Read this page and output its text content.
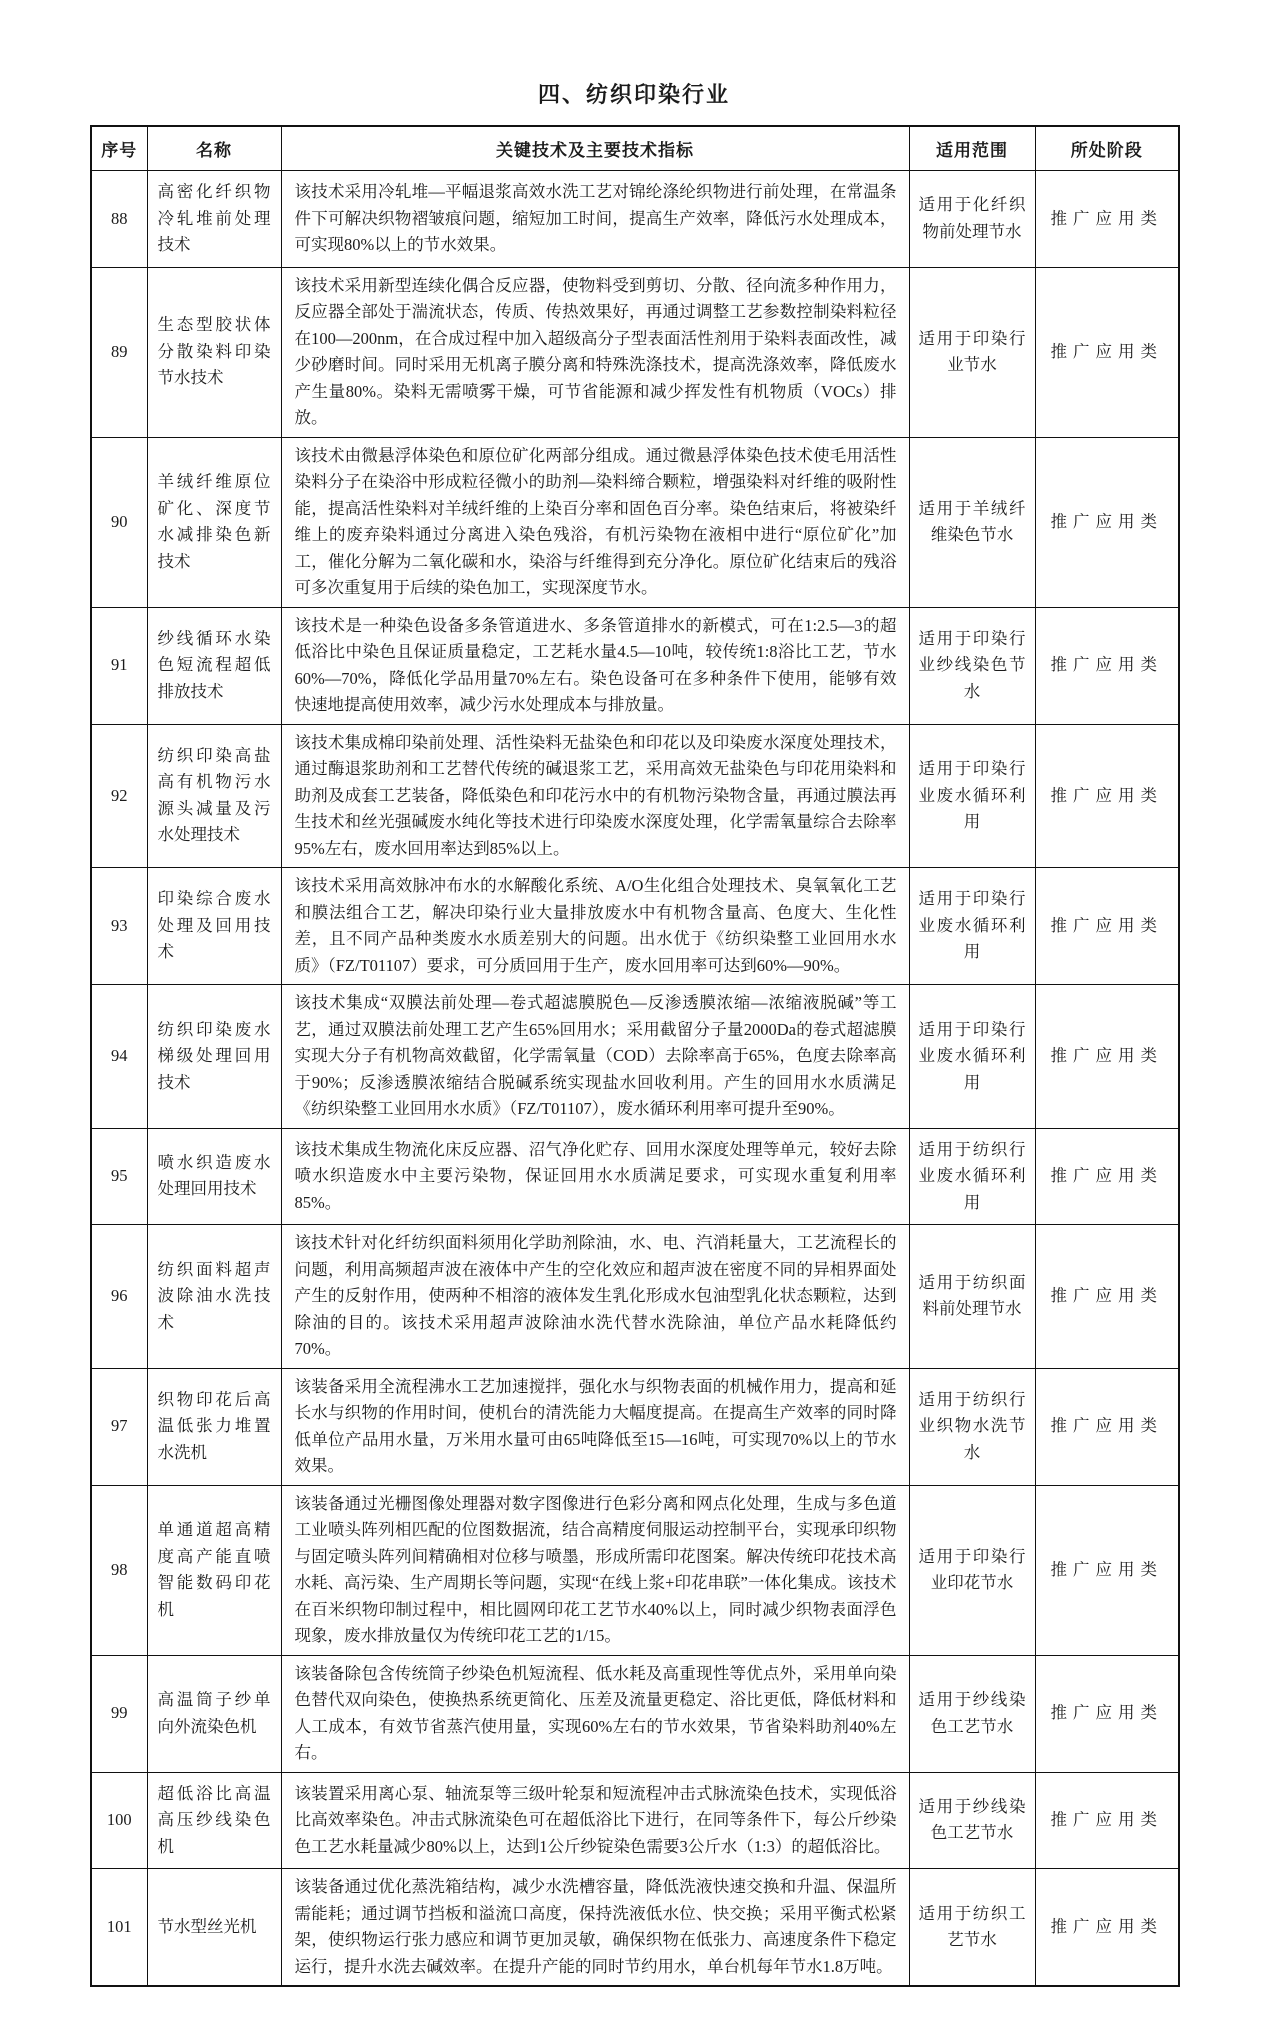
四、纺织印染行业
序号	名称	关键技术及主要技术指标	适用范围	所处阶段
88	高密化纤织物冷轧堆前处理技术	该技术采用冷轧堆—平幅退浆高效水洗工艺对锦纶涤纶织物进行前处理，在常温条件下可解决织物褶皱痕问题，缩短加工时间，提高生产效率，降低污水处理成本，可实现80%以上的节水效果。	适用于化纤织物前处理节水	推广应用类
89	生态型胶状体分散染料印染节水技术	该技术采用新型连续化偶合反应器，使物料受到剪切、分散、径向流多种作用力，反应器全部处于湍流状态，传质、传热效果好，再通过调整工艺参数控制染料粒径在100—200nm，在合成过程中加入超级高分子型表面活性剂用于染料表面改性，减少砂磨时间。同时采用无机离子膜分离和特殊洗涤技术，提高洗涤效率，降低废水产生量80%。染料无需喷雾干燥，可节省能源和减少挥发性有机物质（VOCs）排放。	适用于印染行业节水	推广应用类
90	羊绒纤维原位矿化、深度节水减排染色新技术	该技术由微悬浮体染色和原位矿化两部分组成。通过微悬浮体染色技术使毛用活性染料分子在染浴中形成粒径微小的助剂—染料缔合颗粒，增强染料对纤维的吸附性能，提高活性染料对羊绒纤维的上染百分率和固色百分率。染色结束后，将被染纤维上的废弃染料通过分离进入染色残浴，有机污染物在液相中进行“原位矿化”加工，催化分解为二氧化碳和水，染浴与纤维得到充分净化。原位矿化结束后的残浴可多次重复用于后续的染色加工，实现深度节水。	适用于羊绒纤维染色节水	推广应用类
91	纱线循环水染色短流程超低排放技术	该技术是一种染色设备多条管道进水、多条管道排水的新模式，可在1:2.5—3的超低浴比中染色且保证质量稳定，工艺耗水量4.5—10吨，较传统1:8浴比工艺，节水60%—70%，降低化学品用量70%左右。染色设备可在多种条件下使用，能够有效快速地提高使用效率，减少污水处理成本与排放量。	适用于印染行业纱线染色节水	推广应用类
92	纺织印染高盐高有机物污水源头减量及污水处理技术	该技术集成棉印染前处理、活性染料无盐染色和印花以及印染废水深度处理技术，通过酶退浆助剂和工艺替代传统的碱退浆工艺，采用高效无盐染色与印花用染料和助剂及成套工艺装备，降低染色和印花污水中的有机物污染物含量，再通过膜法再生技术和丝光强碱废水纯化等技术进行印染废水深度处理，化学需氧量综合去除率95%左右，废水回用率达到85%以上。	适用于印染行业废水循环利用	推广应用类
93	印染综合废水处理及回用技术	该技术采用高效脉冲布水的水解酸化系统、A/O生化组合处理技术、臭氧氧化工艺和膜法组合工艺，解决印染行业大量排放废水中有机物含量高、色度大、生化性差，且不同产品种类废水水质差别大的问题。出水优于《纺织染整工业回用水水质》（FZ/T01107）要求，可分质回用于生产，废水回用率可达到60%—90%。	适用于印染行业废水循环利用	推广应用类
94	纺织印染废水梯级处理回用技术	该技术集成“双膜法前处理—卷式超滤膜脱色—反渗透膜浓缩—浓缩液脱碱”等工艺，通过双膜法前处理工艺产生65%回用水；采用截留分子量2000Da的卷式超滤膜实现大分子有机物高效截留，化学需氧量（COD）去除率高于65%，色度去除率高于90%；反渗透膜浓缩结合脱碱系统实现盐水回收利用。产生的回用水水质满足《纺织染整工业回用水水质》（FZ/T01107），废水循环利用率可提升至90%。	适用于印染行业废水循环利用	推广应用类
95	喷水织造废水处理回用技术	该技术集成生物流化床反应器、沼气净化贮存、回用水深度处理等单元，较好去除喷水织造废水中主要污染物，保证回用水水质满足要求，可实现水重复利用率85%。	适用于纺织行业废水循环利用	推广应用类
96	纺织面料超声波除油水洗技术	该技术针对化纤纺织面料须用化学助剂除油，水、电、汽消耗量大，工艺流程长的问题，利用高频超声波在液体中产生的空化效应和超声波在密度不同的异相界面处产生的反射作用，使两种不相溶的液体发生乳化形成水包油型乳化状态颗粒，达到除油的目的。该技术采用超声波除油水洗代替水洗除油，单位产品水耗降低约70%。	适用于纺织面料前处理节水	推广应用类
97	织物印花后高温低张力堆置水洗机	该装备采用全流程沸水工艺加速搅拌，强化水与织物表面的机械作用力，提高和延长水与织物的作用时间，使机台的清洗能力大幅度提高。在提高生产效率的同时降低单位产品用水量，万米用水量可由65吨降低至15—16吨，可实现70%以上的节水效果。	适用于纺织行业织物水洗节水	推广应用类
98	单通道超高精度高产能直喷智能数码印花机	该装备通过光栅图像处理器对数字图像进行色彩分离和网点化处理，生成与多色道工业喷头阵列相匹配的位图数据流，结合高精度伺服运动控制平台，实现承印织物与固定喷头阵列间精确相对位移与喷墨，形成所需印花图案。解决传统印花技术高水耗、高污染、生产周期长等问题，实现“在线上浆+印花串联”一体化集成。该技术在百米织物印制过程中，相比圆网印花工艺节水40%以上，同时减少织物表面浮色现象，废水排放量仅为传统印花工艺的1/15。	适用于印染行业印花节水	推广应用类
99	高温筒子纱单向外流染色机	该装备除包含传统筒子纱染色机短流程、低水耗及高重现性等优点外，采用单向染色替代双向染色，使换热系统更简化、压差及流量更稳定、浴比更低，降低材料和人工成本，有效节省蒸汽使用量，实现60%左右的节水效果，节省染料助剂40%左右。	适用于纱线染色工艺节水	推广应用类
100	超低浴比高温高压纱线染色机	该装置采用离心泵、轴流泵等三级叶轮泵和短流程冲击式脉流染色技术，实现低浴比高效率染色。冲击式脉流染色可在超低浴比下进行，在同等条件下，每公斤纱染色工艺水耗量减少80%以上，达到1公斤纱锭染色需要3公斤水（1:3）的超低浴比。	适用于纱线染色工艺节水	推广应用类
101	节水型丝光机	该装备通过优化蒸洗箱结构，减少水洗槽容量，降低洗液快速交换和升温、保温所需能耗；通过调节挡板和溢流口高度，保持洗液低水位、快交换；采用平衡式松紧架，使织物运行张力感应和调节更加灵敏，确保织物在低张力、高速度条件下稳定运行，提升水洗去碱效率。在提升产能的同时节约用水，单台机每年节水1.8万吨。	适用于纺织工艺节水	推广应用类
